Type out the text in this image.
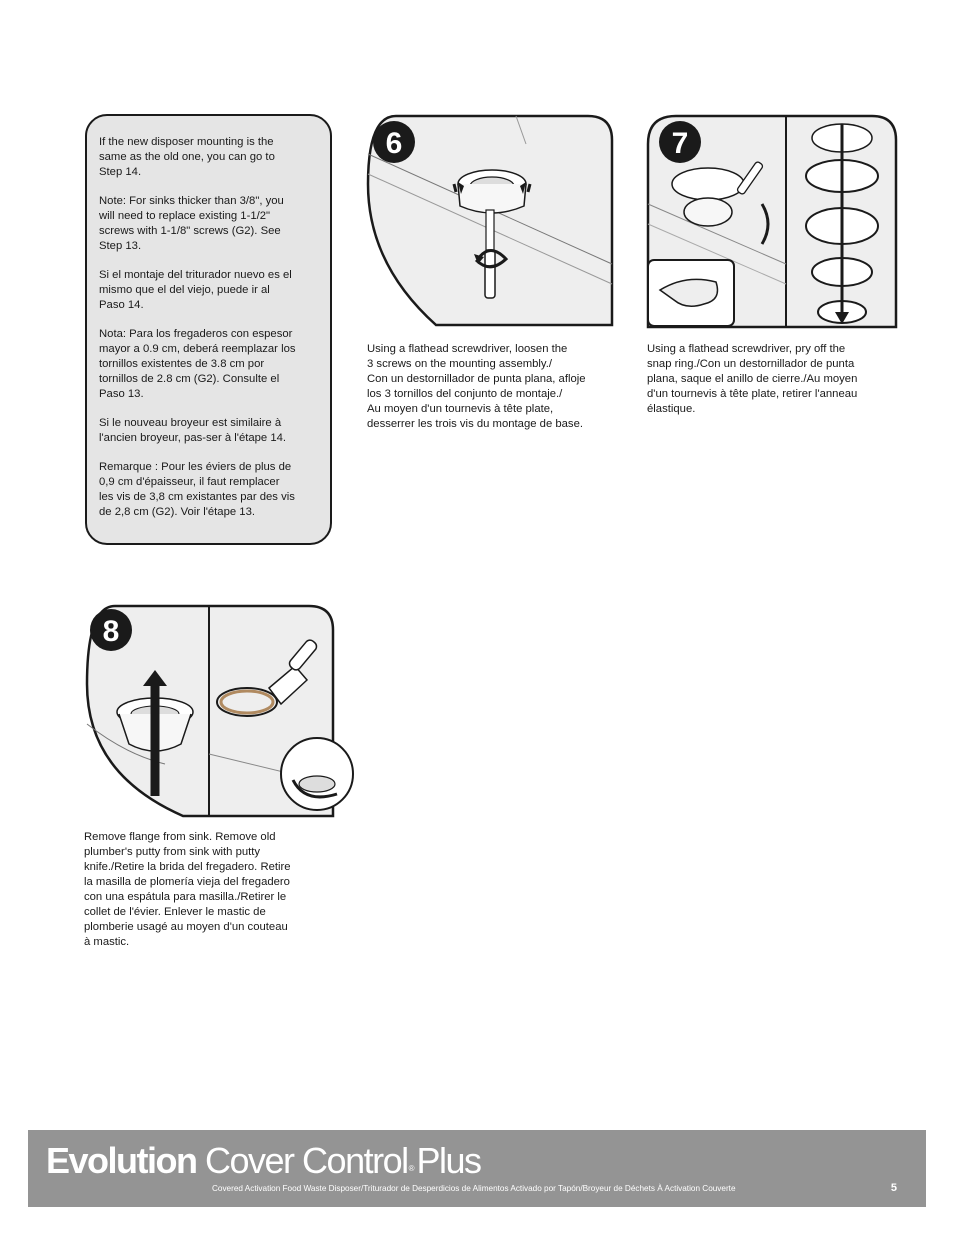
If the new disposer mounting is the
same as the old one, you can go to
Step 14.

Note: For sinks thicker than 3/8", you
will need to replace existing 1-1/2"
screws with 1-1/8" screws (G2). See
Step 13.

Si el montaje del triturador nuevo es el
mismo que el del viejo, puede ir al
Paso 14.

Nota: Para los fregaderos con espesor
mayor a 0.9 cm, deberá reemplazar los
tornillos existentes de 3.8 cm por
tornillos de 2.8 cm (G2). Consulte el
Paso 13.

Si le nouveau broyeur est similaire à
l'ancien broyeur, pas-ser à l'étape 14.

Remarque : Pour les éviers de plus de
0,9 cm d'épaisseur, il faut remplacer
les vis de 3,8 cm existantes par des vis
de 2,8 cm (G2). Voir l'étape 13.

6

Using a flathead screwdriver, loosen the
3 screws on the mounting assembly./
Con un destornillador de punta plana, afloje
los 3 tornillos del conjunto de montaje./
Au moyen d'un tournevis à tête plate,
desserrer les trois vis du montage de base.

7

Using a flathead screwdriver, pry off the
snap ring./Con un destornillador de punta
plana, saque el anillo de cierre./Au moyen
d'un tournevis à tête plate, retirer l'anneau
élastique.

8

Remove flange from sink. Remove old
plumber's putty from sink with putty
knife./Retire la brida del fregadero. Retire
la masilla de plomería vieja del fregadero
con una espátula para masilla./Retirer le
collet de l'évier. Enlever le mastic de
plomberie usagé au moyen d'un couteau
à mastic.

Evolution Cover Control®Plus
Covered Activation Food Waste Disposer/Triturador de Desperdicios de Alimentos Activado por Tapón/Broyeur de Déchets À Activation Couverte	5
